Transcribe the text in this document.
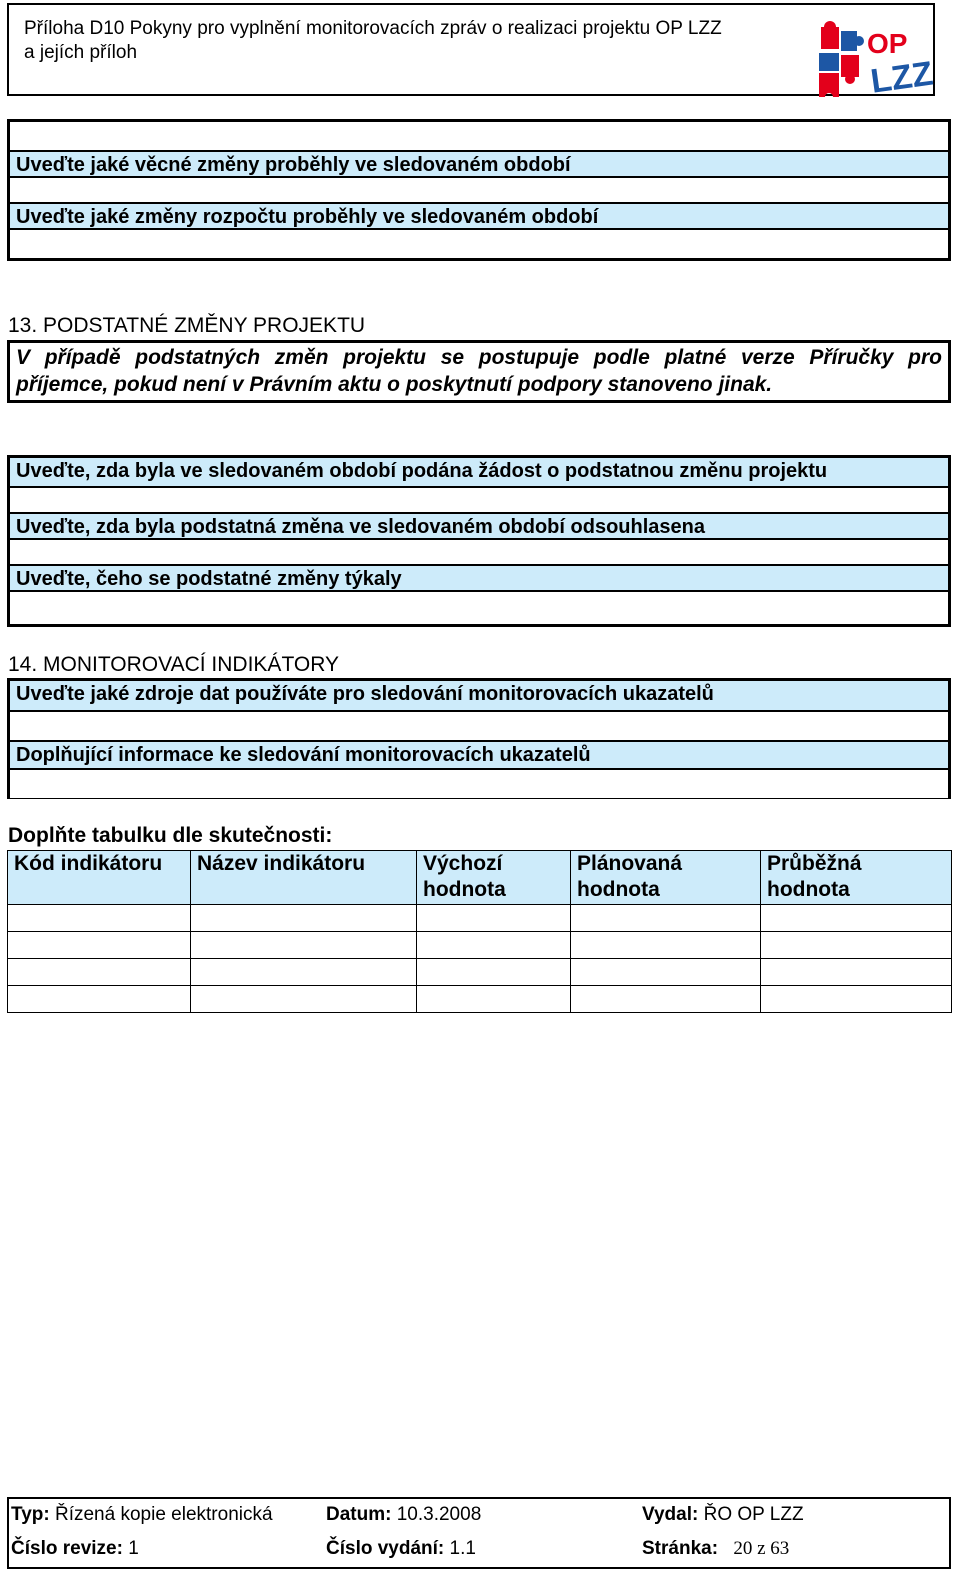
Příloha D10 Pokyny pro vyplnění monitorovacích zpráv o realizaci projektu OP LZZ
a jejích příloh	OP
LZZ
Uveďte jaké věcné změny proběhly ve sledovaném období
Uveďte jaké změny rozpočtu proběhly ve sledovaném období
13. PODSTATNÉ ZMĚNY PROJEKTU
V případě podstatných změn projektu se postupuje podle platné verze Příručky pro příjemce, pokud není v Právním aktu o poskytnutí podpory stanoveno jinak.
Uveďte, zda byla ve sledovaném období podána žádost o podstatnou změnu projektu
Uveďte, zda byla podstatná změna ve sledovaném období odsouhlasena
Uveďte, čeho se podstatné změny týkaly
14. MONITOROVACÍ INDIKÁTORY
Uveďte jaké zdroje dat používáte pro sledování monitorovacích ukazatelů
Doplňující informace ke sledování monitorovacích ukazatelů
Doplňte tabulku dle skutečnosti:
Kód indikátoru	Název indikátoru	Výchozí hodnota	Plánovaná hodnota	Průběžná hodnota

Typ: Řízená kopie elektronická	Datum: 10.3.2008	Vydal: ŘO OP LZZ
Číslo revize: 1	Číslo vydání: 1.1	Stránka: 20 z 63
